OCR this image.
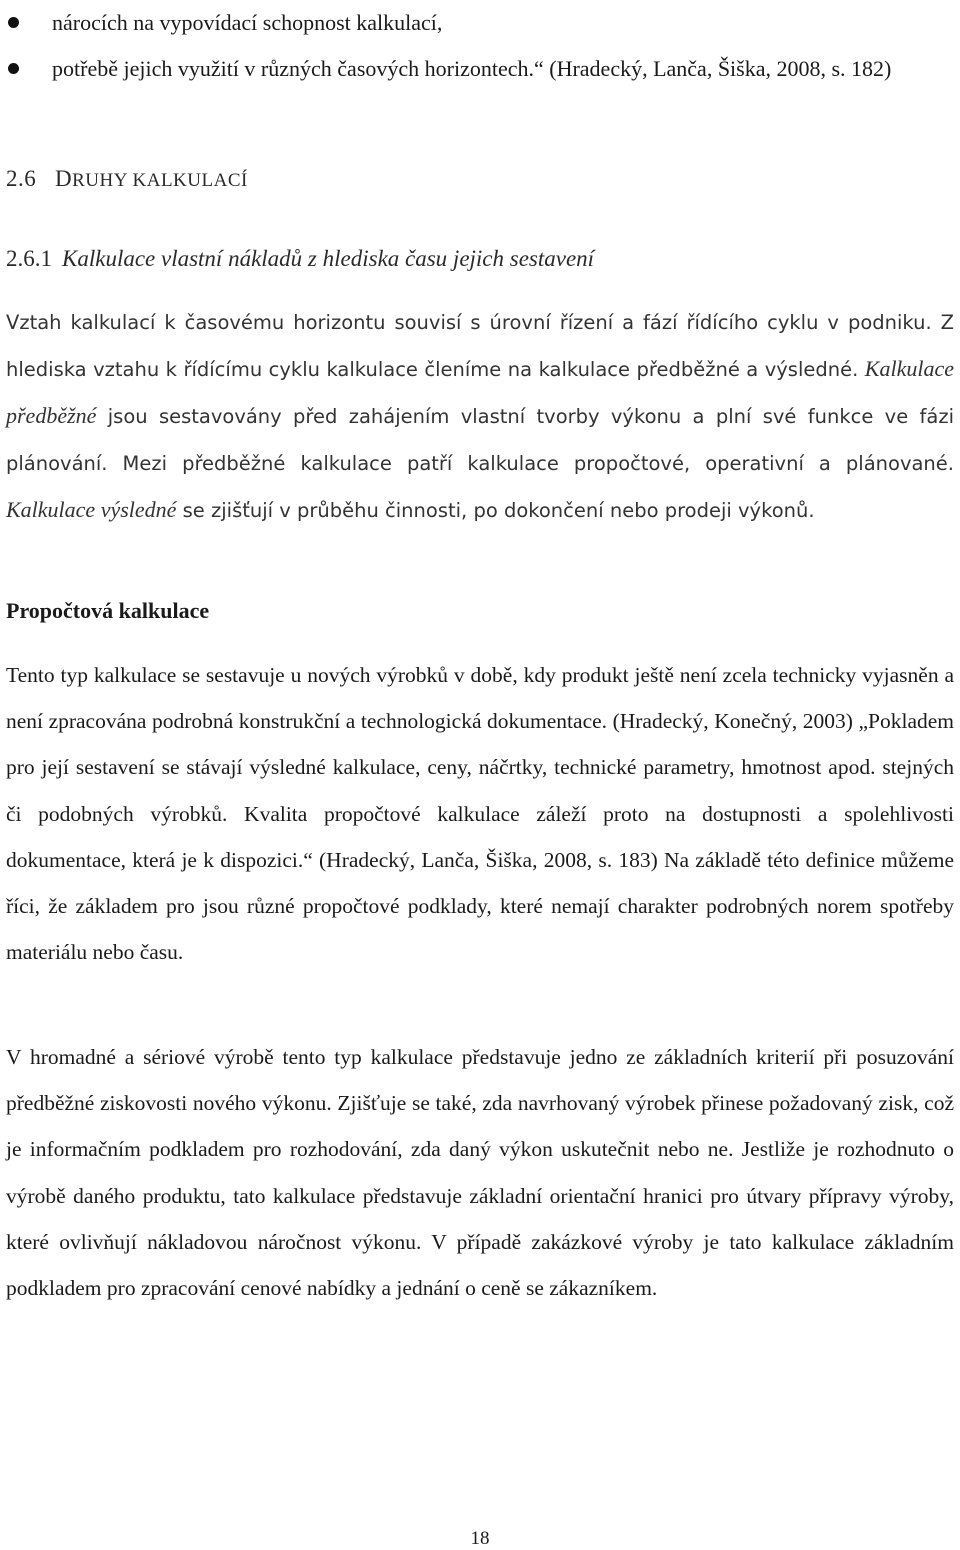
nárocích na vypovídací schopnost kalkulací,
potřebě jejich využití v různých časových horizontech.“ (Hradecký, Lanča, Šiška, 2008, s. 182)
2.6 DRUHY KALKULACÍ
2.6.1 Kalkulace vlastní nákladů z hlediska času jejich sestavení

Vztah kalkulací k časovému horizontu souvisí s úrovní řízení a fází řídícího cyklu v podniku. Z hlediska vztahu k řídícímu cyklu kalkulace členíme na kalkulace předběžné a výsledné. Kalkulace předběžné jsou sestavovány před zahájením vlastní tvorby výkonu a plní své funkce ve fázi plánování. Mezi předběžné kalkulace patří kalkulace propočtové, operativní a plánované. Kalkulace výsledné se zjišťují v průběhu činnosti, po dokončení nebo prodeji výkonů.

Propočtová kalkulace

Tento typ kalkulace se sestavuje u nových výrobků v době, kdy produkt ještě není zcela technicky vyjasněn a není zpracována podrobná konstrukční a technologická dokumentace. (Hradecký, Konečný, 2003) „Pokladem pro její sestavení se stávají výsledné kalkulace, ceny, náčrtky, technické parametry, hmotnost apod. stejných či podobných výrobků. Kvalita propočtové kalkulace záleží proto na dostupnosti a spolehlivosti dokumentace, která je k dispozici.“ (Hradecký, Lanča, Šiška, 2008, s. 183) Na základě této definice můžeme říci, že základem pro jsou různé propočtové podklady, které nemají charakter podrobných norem spotřeby materiálu nebo času.

V hromadné a sériové výrobě tento typ kalkulace představuje jedno ze základních kriterií při posuzování předběžné ziskovosti nového výkonu. Zjišťuje se také, zda navrhovaný výrobek přinese požadovaný zisk, což je informačním podkladem pro rozhodování, zda daný výkon uskutečnit nebo ne. Jestliže je rozhodnuto o výrobě daného produktu, tato kalkulace představuje základní orientační hranici pro útvary přípravy výroby, které ovlivňují nákladovou náročnost výkonu. V případě zakázkové výroby je tato kalkulace základním podkladem pro zpracování cenové nabídky a jednání o ceně se zákazníkem.

18
